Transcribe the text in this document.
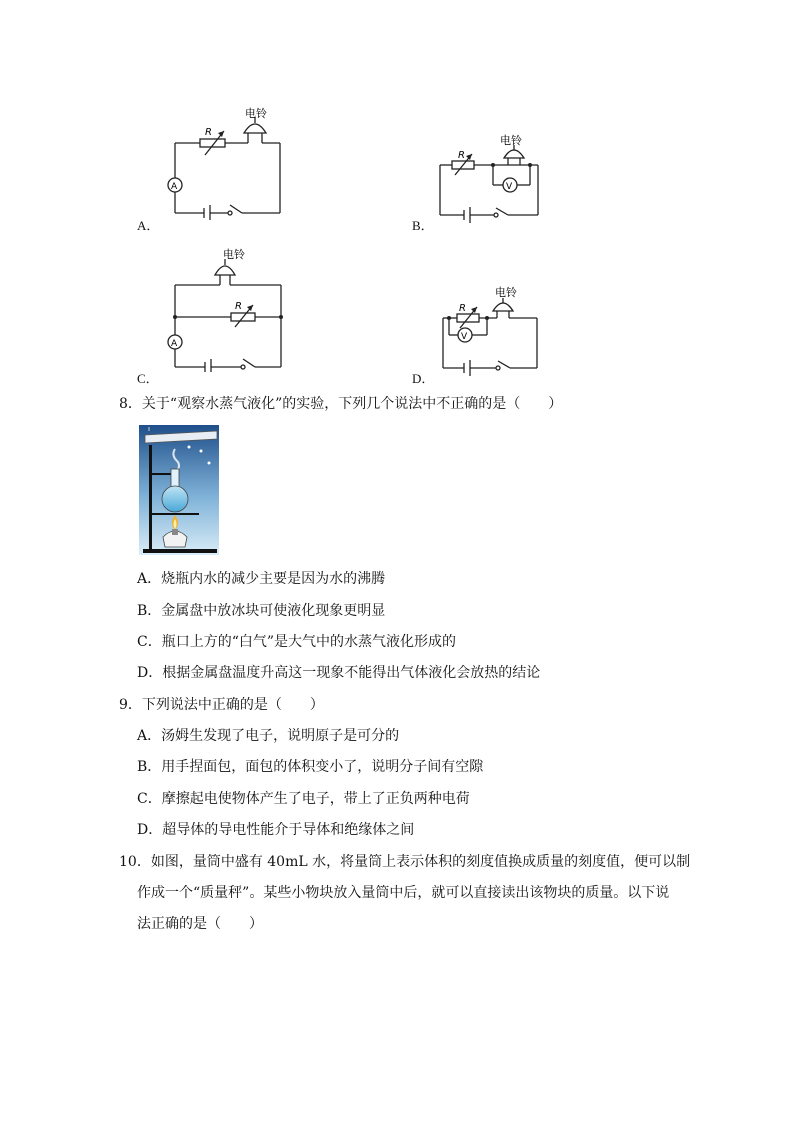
R
电铃
A
A．
R
电铃
V
B．
R
电铃
A
C．
R
电铃
V
D．
8．关于“观察水蒸气液化”的实验，下列几个说法中不正确的是（　　）
A．烧瓶内水的减少主要是因为水的沸腾
B．金属盘中放冰块可使液化现象更明显
C．瓶口上方的“白气”是大气中的水蒸气液化形成的
D．根据金属盘温度升高这一现象不能得出气体液化会放热的结论
9．下列说法中正确的是（　　）
A．汤姆生发现了电子，说明原子是可分的
B．用手捏面包，面包的体积变小了，说明分子间有空隙
C．摩擦起电使物体产生了电子，带上了正负两种电荷
D．超导体的导电性能介于导体和绝缘体之间
10．如图，量筒中盛有 40mL 水，将量筒上表示体积的刻度值换成质量的刻度值，便可以制
作成一个“质量秤”。某些小物块放入量筒中后，就可以直接读出该物块的质量。以下说
法正确的是（　　）
